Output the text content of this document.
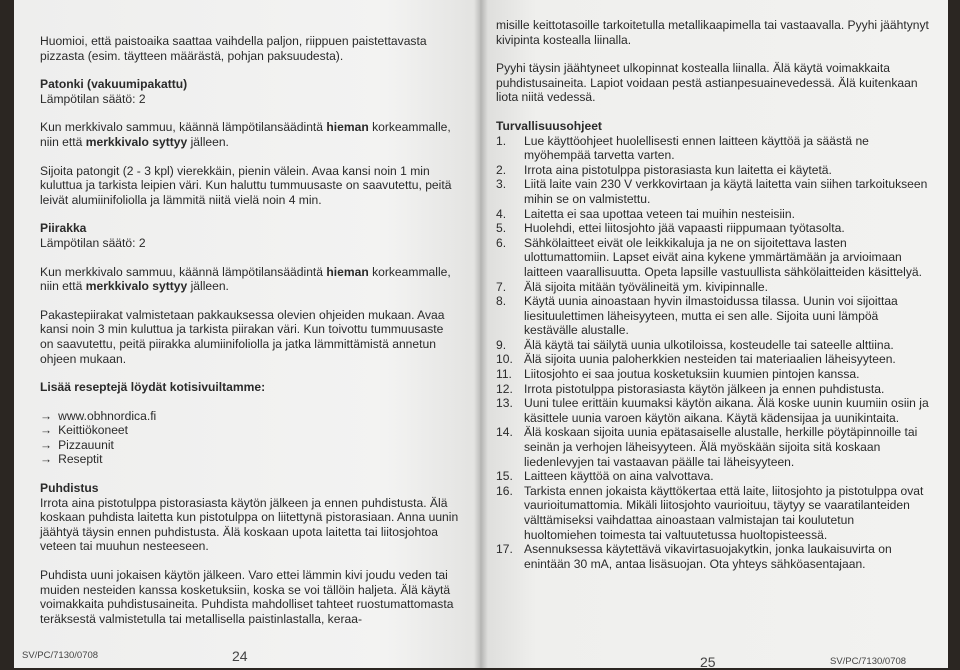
Huomioi, että paistoaika saattaa vaihdella paljon, riippuen paistettavasta pizzasta (esim. täytteen määrästä, pohjan paksuudesta).

Patonki (vakuumipakattu)

Lämpötilan säätö: 2

Kun merkkivalo sammuu, käännä lämpötilansäädintä hieman korkeammalle, niin että merkkivalo syttyy jälleen.

Sijoita patongit (2 - 3 kpl) vierekkäin, pienin välein. Avaa kansi noin 1 min kuluttua ja tarkista leipien väri. Kun haluttu tummuusaste on saavutettu, peitä leivät alumiinifoliolla ja lämmitä niitä vielä noin 4 min.

Piirakka

Lämpötilan säätö: 2

Kun merkkivalo sammuu, käännä lämpötilansäädintä hieman korkeammalle, niin että merkkivalo syttyy jälleen.

Pakastepiirakat valmistetaan pakkauksessa olevien ohjeiden mukaan. Avaa kansi noin 3 min kuluttua ja tarkista piirakan väri. Kun toivottu tummuusaste on saavutettu, peitä piirakka alumiinifoliolla ja jatka lämmittämistä annetun ohjeen mukaan.

Lisää reseptejä löydät kotisivuiltamme:

→ www.obhnordica.fi
→ Keittiökoneet
→ Pizzauunit
→ Reseptit

Puhdistus

Irrota aina pistotulppa pistorasiasta käytön jälkeen ja ennen puhdistusta. Älä koskaan puhdista laitetta kun pistotulppa on liitettynä pistorasiaan. Anna uunin jäähtyä täysin ennen puhdistusta. Älä koskaan upota laitetta tai liitosjohtoa veteen tai muuhun nesteeseen.

Puhdista uuni jokaisen käytön jälkeen. Varo ettei lämmin kivi joudu veden tai muiden nesteiden kanssa kosketuksiin, koska se voi tällöin haljeta. Älä käytä voimakkaita puhdistusaineita. Puhdista mahdolliset tahteet ruostumattomasta teräksestä valmistetulla tai metallisella paistinlastalla, keraa-

misille keittotasoille tarkoitetulla metallikaapimella tai vastaavalla. Pyyhi jäähtynyt kivipinta kostealla liinalla.

Pyyhi täysin jäähtyneet ulkopinnat kostealla liinalla. Älä käytä voimakkaita puhdistusaineita. Lapiot voidaan pestä astianpesuainevedessä. Älä kuitenkaan liota niitä vedessä.

Turvallisuusohjeet

1.	Lue käyttöohjeet huolellisesti ennen laitteen käyttöä ja säästä ne myöhempää tarvetta varten.
2.	Irrota aina pistotulppa pistorasiasta kun laitetta ei käytetä.
3.	Liitä laite vain 230 V verkkovirtaan ja käytä laitetta vain siihen tarkoitukseen mihin se on valmistettu.
4.	Laitetta ei saa upottaa veteen tai muihin nesteisiin.
5.	Huolehdi, ettei liitosjohto jää vapaasti riippumaan työtasolta.
6.	Sähkölaitteet eivät ole leikkikaluja ja ne on sijoitettava lasten ulottumattomiin. Lapset eivät aina kykene ymmärtämään ja arvioimaan laitteen vaarallisuutta. Opeta lapsille vastuullista sähkölaitteiden käsittelyä.
7.	Älä sijoita mitään työvälineitä ym. kivipinnalle.
8.	Käytä uunia ainoastaan hyvin ilmastoidussa tilassa. Uunin voi sijoittaa liesituulettimen läheisyyteen, mutta ei sen alle. Sijoita uuni lämpöä kestävälle alustalle.
9.	Älä käytä tai säilytä uunia ulkotiloissa, kosteudelle tai sateelle alttiina.
10. Älä sijoita uunia paloherkkien nesteiden tai materiaalien läheisyyteen.
11. Liitosjohto ei saa joutua kosketuksiin kuumien pintojen kanssa.
12. Irrota pistotulppa pistorasiasta käytön jälkeen ja ennen puhdistusta.
13. Uuni tulee erittäin kuumaksi käytön aikana. Älä koske uunin kuumiin osiin ja käsittele uunia varoen käytön aikana. Käytä kädensijaa ja uunikintaita.
14. Älä koskaan sijoita uunia epätasaiselle alustalle, herkille pöytäpinnoille tai seinän ja verhojen läheisyyteen. Älä myöskään sijoita sitä koskaan liedenlevyjen tai vastaavan päälle tai läheisyyteen.
15. Laitteen käyttöä on aina valvottava.
16. Tarkista ennen jokaista käyttökertaa että laite, liitosjohto ja pistotulppa ovat vaurioitumattomia. Mikäli liitosjohto vaurioituu, täytyy se vaaratilanteiden välttämiseksi vaihdattaa ainoastaan valmistajan tai koulutetun huoltomiehen toimesta tai valtuutetussa huoltopisteessä.
17. Asennuksessa käytettävä vikavirtasuojakytkin, jonka laukaisuvirta on enintään 30 mA, antaa lisäsuojan. Ota yhteys sähköasentajaan.
SV/PC/7130/0708	24	25	SV/PC/7130/0708
